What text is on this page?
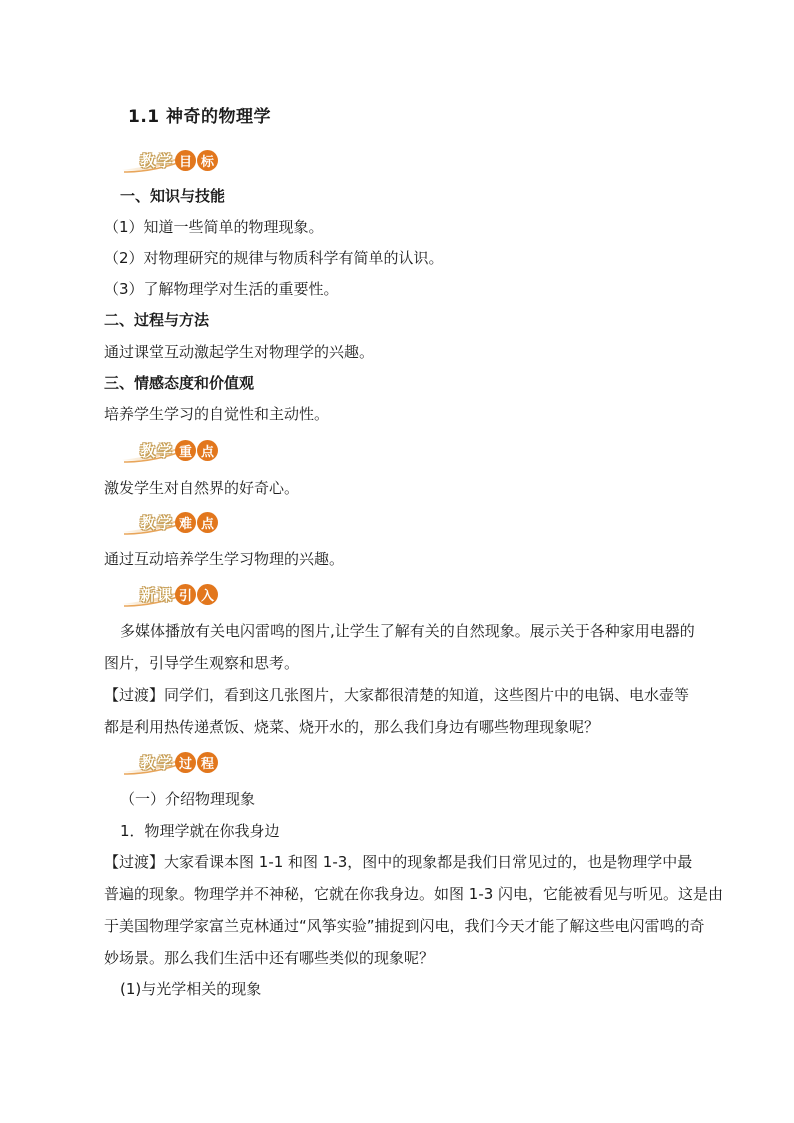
1.1 神奇的物理学
教 学 目 标
一、知识与技能
（1）知道一些简单的物理现象。
（2）对物理研究的规律与物质科学有简单的认识。
（3）了解物理学对生活的重要性。
二、过程与方法
通过课堂互动激起学生对物理学的兴趣。
三、情感态度和价值观
培养学生学习的自觉性和主动性。
教 学 重 点
激发学生对自然界的好奇心。
教 学 难 点
通过互动培养学生学习物理的兴趣。
新 课 引 入
多媒体播放有关电闪雷鸣的图片,让学生了解有关的自然现象。展示关于各种家用电器的
图片，引导学生观察和思考。
【过渡】同学们，看到这几张图片，大家都很清楚的知道，这些图片中的电锅、电水壶等
都是利用热传递煮饭、烧菜、烧开水的，那么我们身边有哪些物理现象呢？
教 学 过 程
（一）介绍物理现象
1．物理学就在你我身边
【过渡】大家看课本图 1-1 和图 1-3，图中的现象都是我们日常见过的，也是物理学中最
普遍的现象。物理学并不神秘，它就在你我身边。如图 1-3 闪电，它能被看见与听见。这是由
于美国物理学家富兰克林通过“风筝实验”捕捉到闪电，我们今天才能了解这些电闪雷鸣的奇
妙场景。那么我们生活中还有哪些类似的现象呢？
(1)与光学相关的现象
